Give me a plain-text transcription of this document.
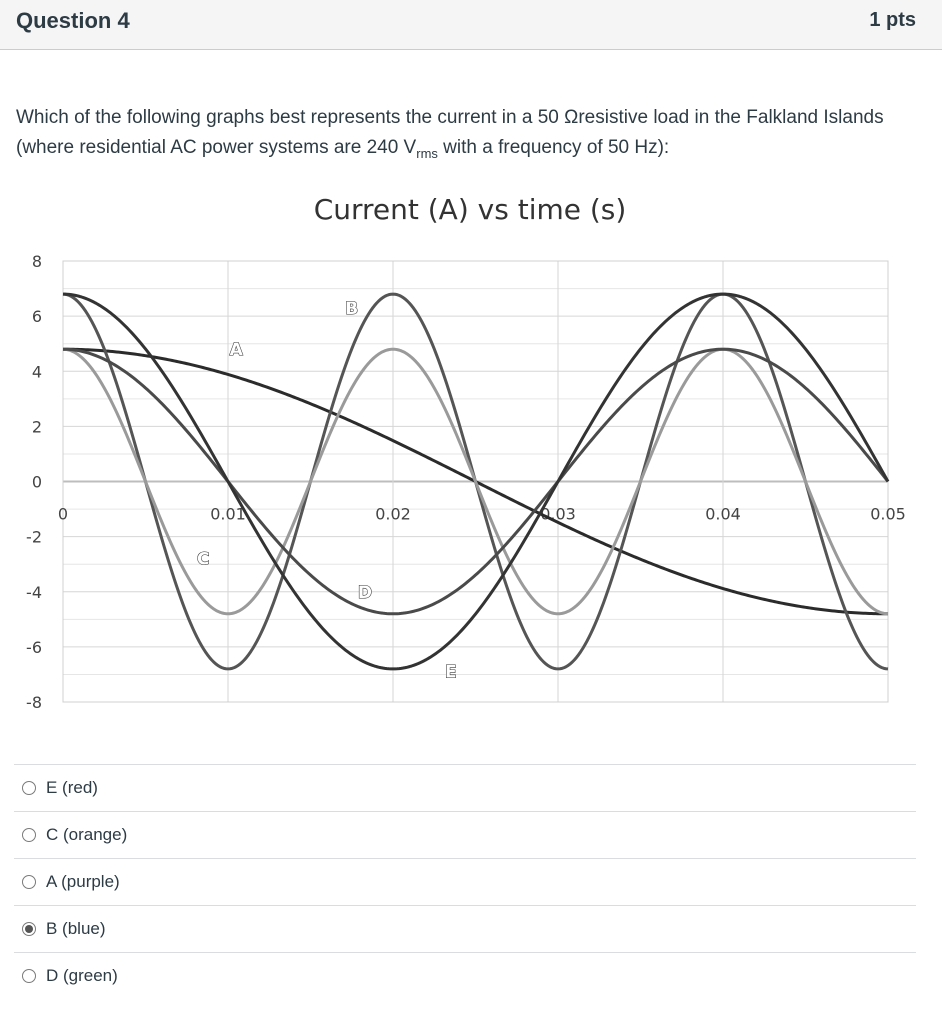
Question 4	1 pts
Which of the following graphs best represents the current in a 50 Ωresistive load in the Falkland Islands (where residential AC power systems are 240 $V_{rms}$ with a frequency of 50 Hz):
Current (A) vs time (s)
8
6
4
2
0
-2
-4
-6
-8
0	0.01	0.02	0.03	0.04	0.05
A
B
C
D
E
E (red)
C (orange)
A (purple)
B (blue)
D (green)
